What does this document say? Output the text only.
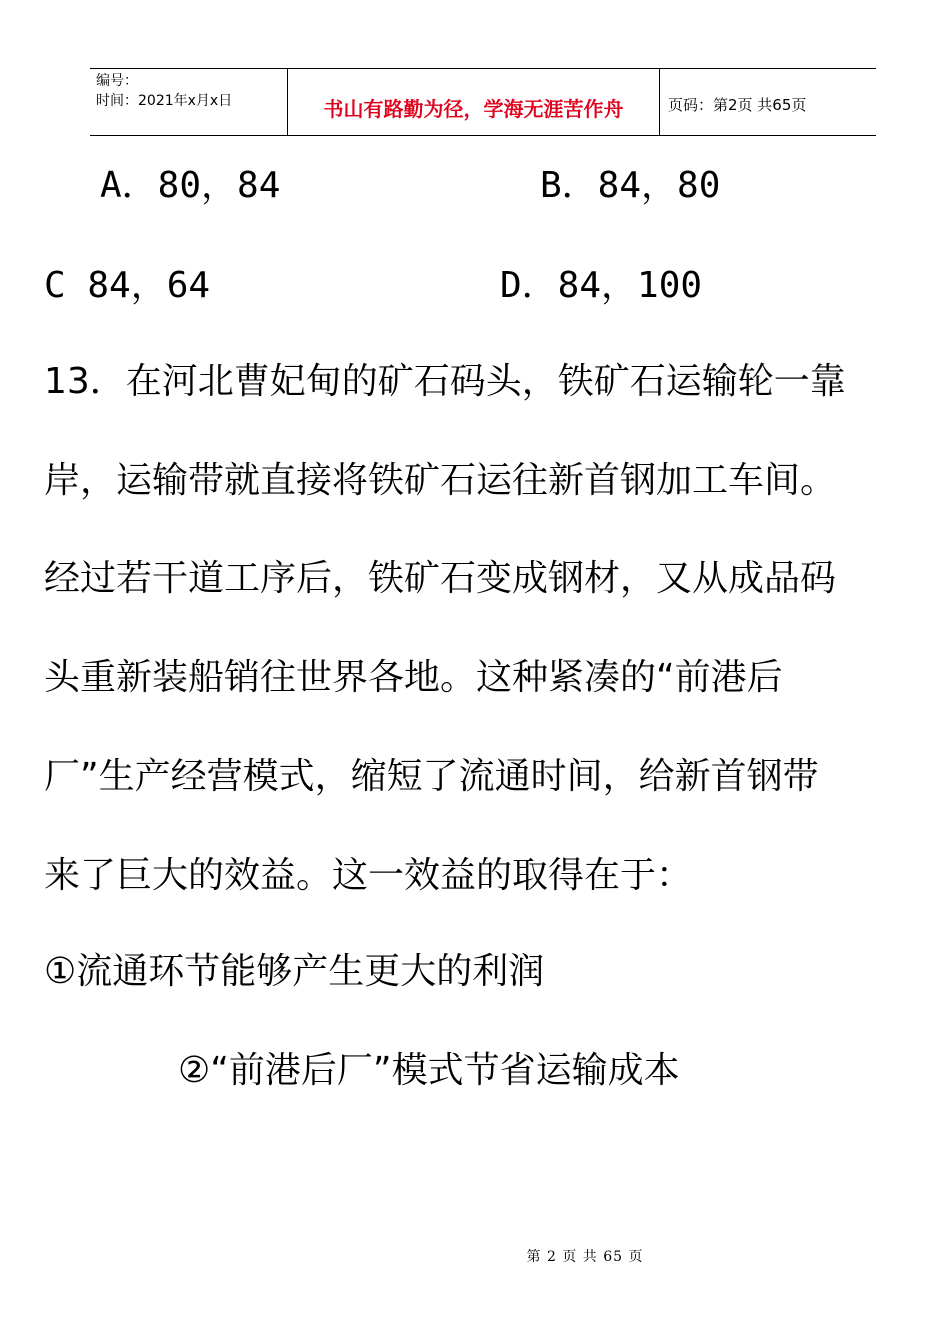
编号：
时间：2021年x月x日	书山有路勤为径，学海无涯苦作舟	页码：第2页 共65页
A．80，84	B．84，80
C 84，64	D．84，100
13．在河北曹妃甸的矿石码头，铁矿石运输轮一靠
岸，运输带就直接将铁矿石运往新首钢加工车间。
经过若干道工序后，铁矿石变成钢材，又从成品码
头重新装船销往世界各地。这种紧凑的“前港后
厂”生产经营模式，缩短了流通时间，给新首钢带
来了巨大的效益。这一效益的取得在于：
①流通环节能够产生更大的利润
②“前港后厂”模式节省运输成本
第 2 页 共 65 页
